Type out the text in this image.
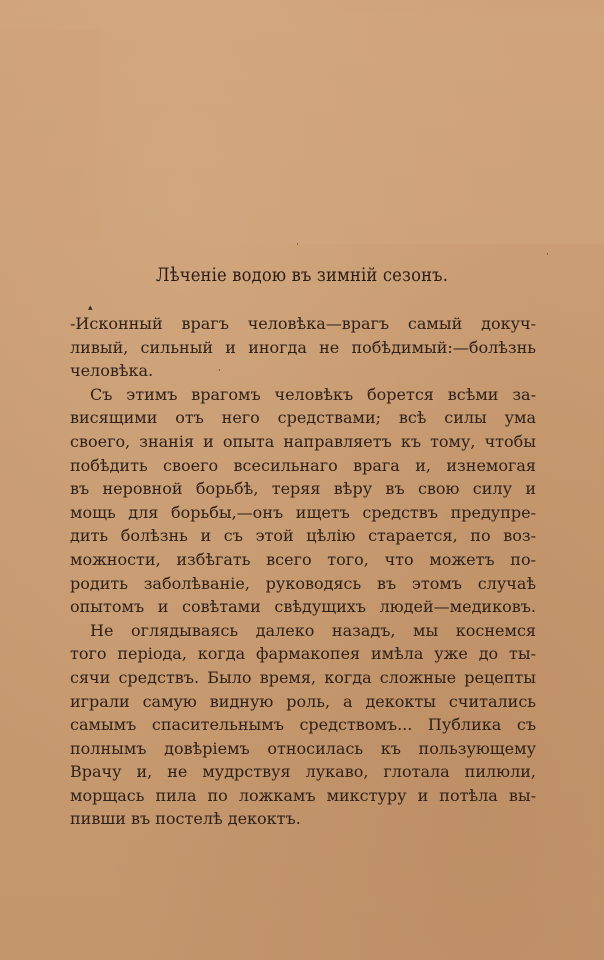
▴
·
·
·
Лѣченіе водою въ зимній сезонъ.
-Исконный врагъ человѣка—врагъ самый докуч-
ливый, сильный и иногда не побѣдимый:—болѣзнь
человѣка.
Съ этимъ врагомъ человѣкъ борется всѣми за-
висящими отъ него средствами; всѣ силы ума
своего, знанія и опыта направляетъ къ тому, чтобы
побѣдить своего всесильнаго врага и, изнемогая
въ неровной борьбѣ, теряя вѣру въ свою силу и
мощь для борьбы,—онъ ищетъ средствъ предупре-
дить болѣзнь и съ этой цѣлію старается, по воз-
можности, избѣгать всего того, что можетъ по-
родить заболѣваніе, руководясь въ этомъ случаѣ
опытомъ и совѣтами свѣдущихъ людей—медиковъ.
Не оглядываясь далеко назадъ, мы коснемся
того періода, когда фармакопея имѣла уже до ты-
сячи средствъ. Было время, когда сложные рецепты
играли самую видную роль, а декокты считались
самымъ спасительнымъ средствомъ... Публика съ
полнымъ довѣріемъ относилась къ пользующему
Врачу и, не мудрствуя лукаво, глотала пилюли,
морщась пила по ложкамъ микстуру и потѣла вы-
пивши въ постелѣ декоктъ.
